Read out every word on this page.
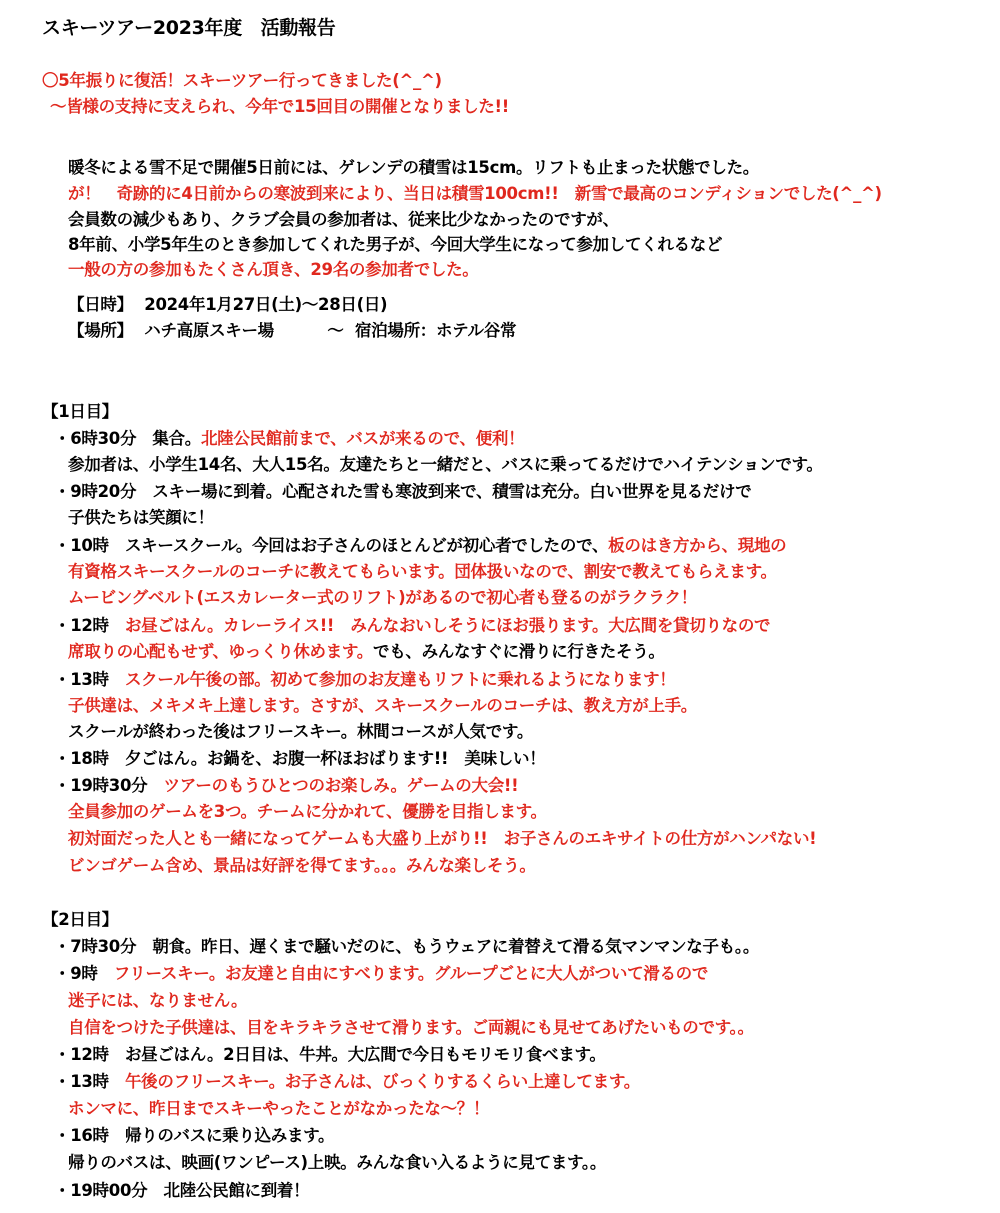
スキーツアー2023年度　活動報告
〇5年振りに復活！スキーツアー行ってきました(^_^)
～皆様の支持に支えられ、今年で15回目の開催となりました!!
暖冬による雪不足で開催5日前には、ゲレンデの積雪は15cm。リフトも止まった状態でした。
が！　奇跡的に4日前からの寒波到来により、当日は積雪100cm!!　新雪で最高のコンディションでした(^_^)
会員数の減少もあり、クラブ会員の参加者は、従来比少なかったのですが、
8年前、小学5年生のとき参加してくれた男子が、今回大学生になって参加してくれるなど
一般の方の参加もたくさん頂き、29名の参加者でした。
【日時】 2024年1月27日(土)～28日(日)
【場所】 ハチ高原スキー場	～ 宿泊場所：ホテル谷常
【1日目】
・6時30分　集合。北陸公民館前まで、バスが来るので、便利！
参加者は、小学生14名、大人15名。友達たちと一緒だと、バスに乗ってるだけでハイテンションです。
・9時20分　スキー場に到着。心配された雪も寒波到来で、積雪は充分。白い世界を見るだけで
子供たちは笑顔に！
・10時　スキースクール。今回はお子さんのほとんどが初心者でしたので、板のはき方から、現地の
有資格スキースクールのコーチに教えてもらいます。団体扱いなので、割安で教えてもらえます。
ムービングベルト(エスカレーター式のリフト)があるので初心者も登るのがラクラク！
・12時　お昼ごはん。カレーライス!!　みんなおいしそうにほお張ります。大広間を貸切りなので
席取りの心配もせず、ゆっくり休めます。でも、みんなすぐに滑りに行きたそう。
・13時　スクール午後の部。初めて参加のお友達もリフトに乗れるようになります！
子供達は、メキメキ上達します。さすが、スキースクールのコーチは、教え方が上手。
スクールが終わった後はフリースキー。林間コースが人気です。
・18時　夕ごはん。お鍋を、お腹一杯ほおばります!!　美味しい！
・19時30分　ツアーのもうひとつのお楽しみ。ゲームの大会!!
全員参加のゲームを3つ。チームに分かれて、優勝を目指します。
初対面だった人とも一緒になってゲームも大盛り上がり!!　お子さんのエキサイトの仕方がハンパない!
ビンゴゲーム含め、景品は好評を得てます。。。みんな楽しそう。
【2日目】
・7時30分　朝食。昨日、遅くまで騒いだのに、もうウェアに着替えて滑る気マンマンな子も。。
・9時　フリースキー。お友達と自由にすべります。グループごとに大人がついて滑るので
迷子には、なりません。
自信をつけた子供達は、目をキラキラさせて滑ります。ご両親にも見せてあげたいものです。。
・12時　お昼ごはん。2日目は、牛丼。大広間で今日もモリモリ食べます。
・13時　午後のフリースキー。お子さんは、びっくりするくらい上達してます。
ホンマに、昨日までスキーやったことがなかったな～？！
・16時　帰りのバスに乗り込みます。
帰りのバスは、映画(ワンピース)上映。みんな食い入るように見てます。。
・19時00分　北陸公民館に到着！
